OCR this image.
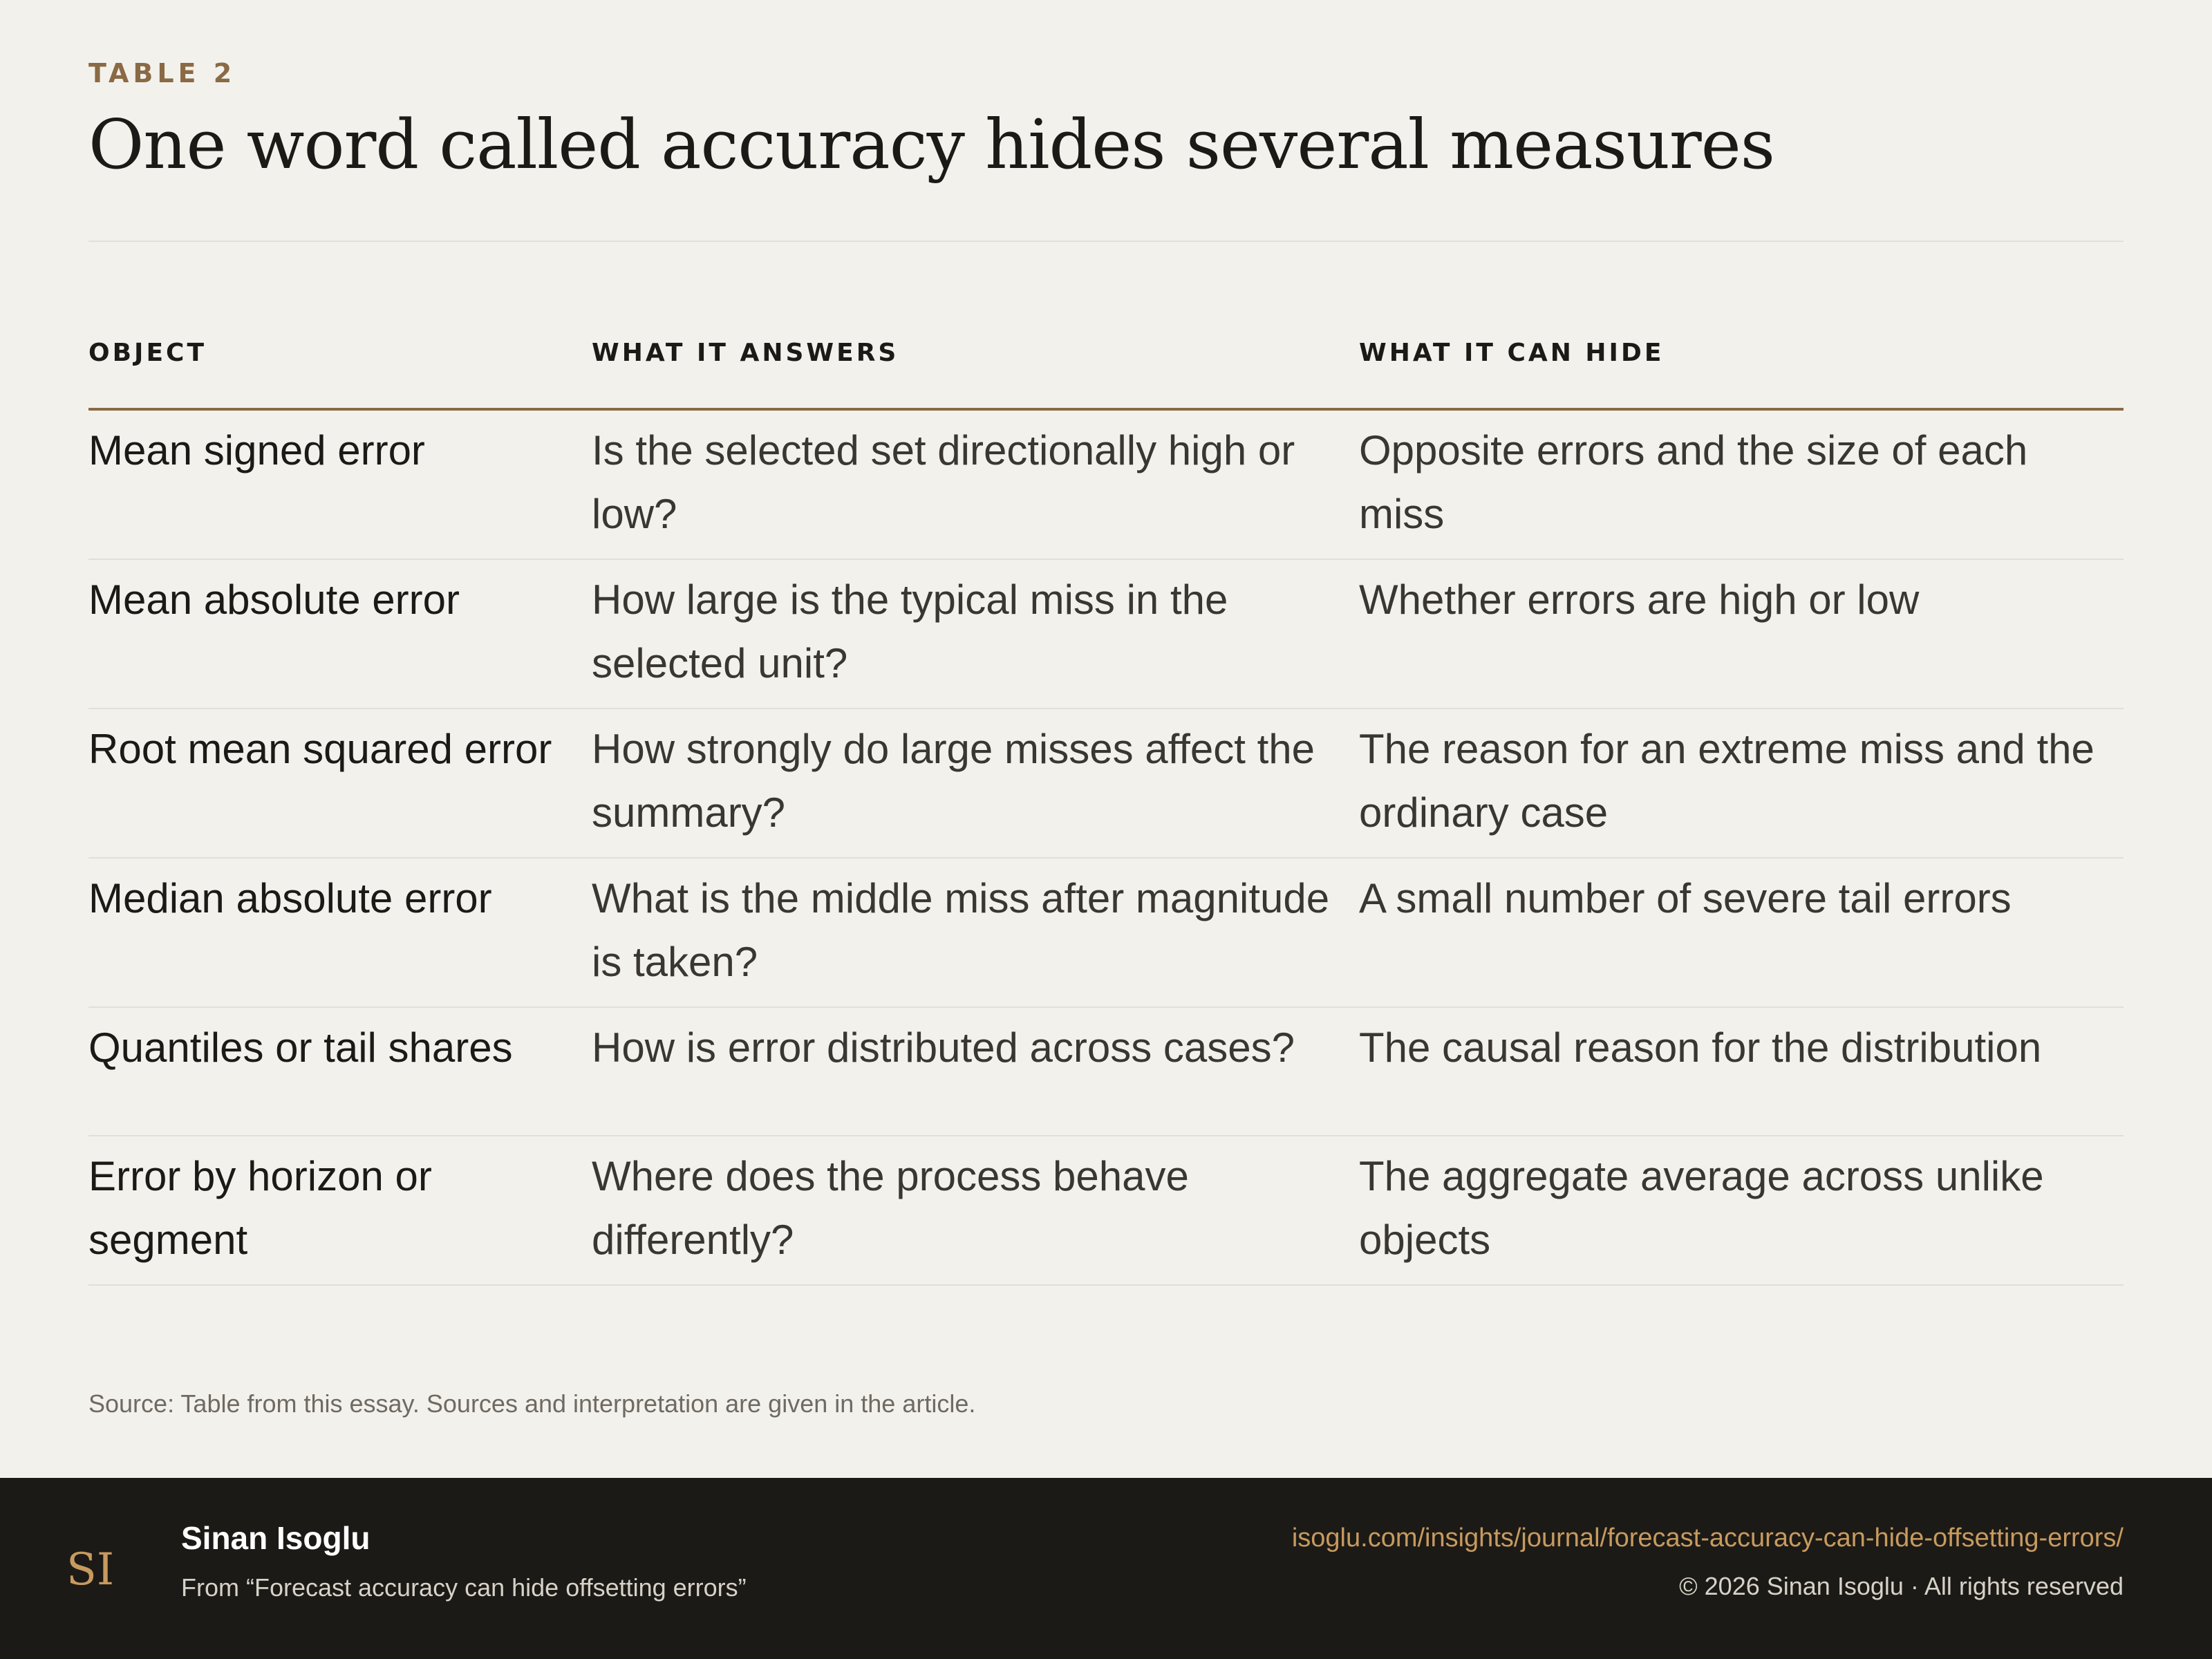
TABLE 2
One word called accuracy hides several measures
OBJECT	WHAT IT ANSWERS	WHAT IT CAN HIDE
Mean signed error	Is the selected set directionally high or low?	Opposite errors and the size of each miss
Mean absolute error	How large is the typical miss in the selected unit?	Whether errors are high or low
Root mean squared error	How strongly do large misses affect the summary?	The reason for an extreme miss and the ordinary case
Median absolute error	What is the middle miss after magnitude is taken?	A small number of severe tail errors
Quantiles or tail shares	How is error distributed across cases?	The causal reason for the distribution
Error by horizon or segment	Where does the process behave differently?	The aggregate average across unlike objects
Source: Table from this essay. Sources and interpretation are given in the article.
SI
Sinan Isoglu
From “Forecast accuracy can hide offsetting errors”
isoglu.com/insights/journal/forecast-accuracy-can-hide-offsetting-errors/
© 2026 Sinan Isoglu · All rights reserved
